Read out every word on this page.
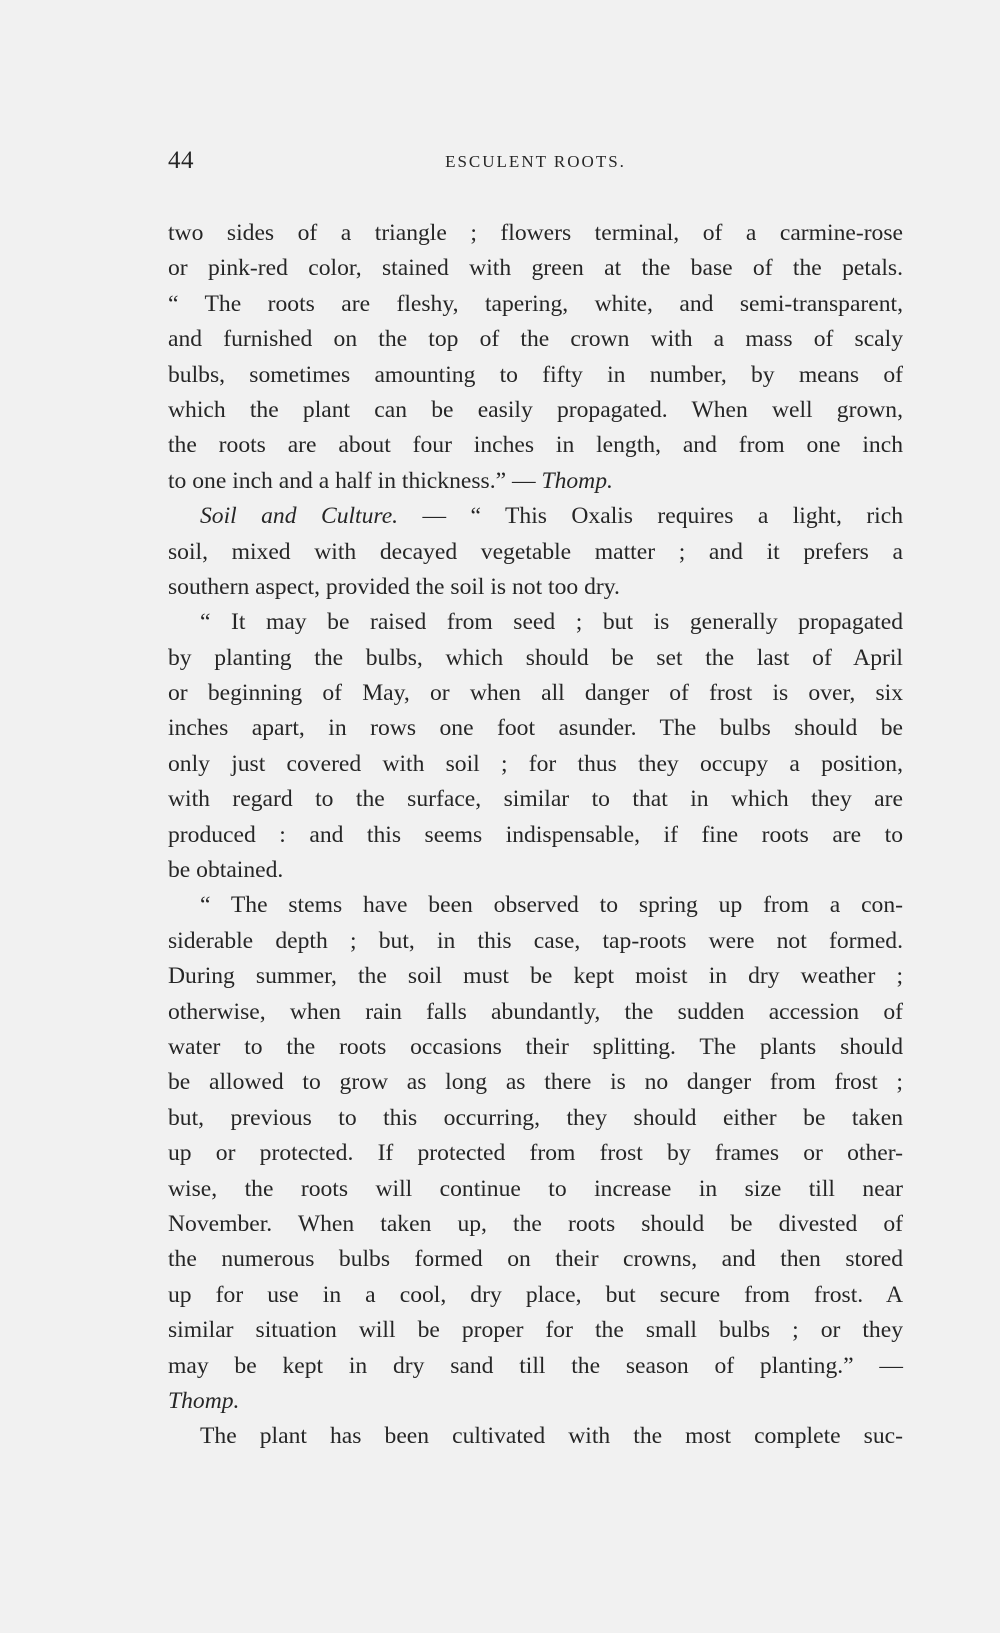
44	ESCULENT ROOTS.
two sides of a triangle ; flowers terminal, of a carmine-rose
or pink-red color, stained with green at the base of the petals.
“ The roots are fleshy, tapering, white, and semi-transparent,
and furnished on the top of the crown with a mass of scaly
bulbs, sometimes amounting to fifty in number, by means of
which the plant can be easily propagated. When well grown,
the roots are about four inches in length, and from one inch
to one inch and a half in thickness.” — Thomp.
Soil and Culture. — “ This Oxalis requires a light, rich
soil, mixed with decayed vegetable matter ; and it prefers a
southern aspect, provided the soil is not too dry.
“ It may be raised from seed ; but is generally propagated
by planting the bulbs, which should be set the last of April
or beginning of May, or when all danger of frost is over, six
inches apart, in rows one foot asunder. The bulbs should be
only just covered with soil ; for thus they occupy a position,
with regard to the surface, similar to that in which they are
produced : and this seems indispensable, if fine roots are to
be obtained.
“ The stems have been observed to spring up from a con-
siderable depth ; but, in this case, tap-roots were not formed.
During summer, the soil must be kept moist in dry weather ;
otherwise, when rain falls abundantly, the sudden accession of
water to the roots occasions their splitting. The plants should
be allowed to grow as long as there is no danger from frost ;
but, previous to this occurring, they should either be taken
up or protected. If protected from frost by frames or other-
wise, the roots will continue to increase in size till near
November. When taken up, the roots should be divested of
the numerous bulbs formed on their crowns, and then stored
up for use in a cool, dry place, but secure from frost. A
similar situation will be proper for the small bulbs ; or they
may be kept in dry sand till the season of planting.” —
Thomp.
The plant has been cultivated with the most complete suc-
